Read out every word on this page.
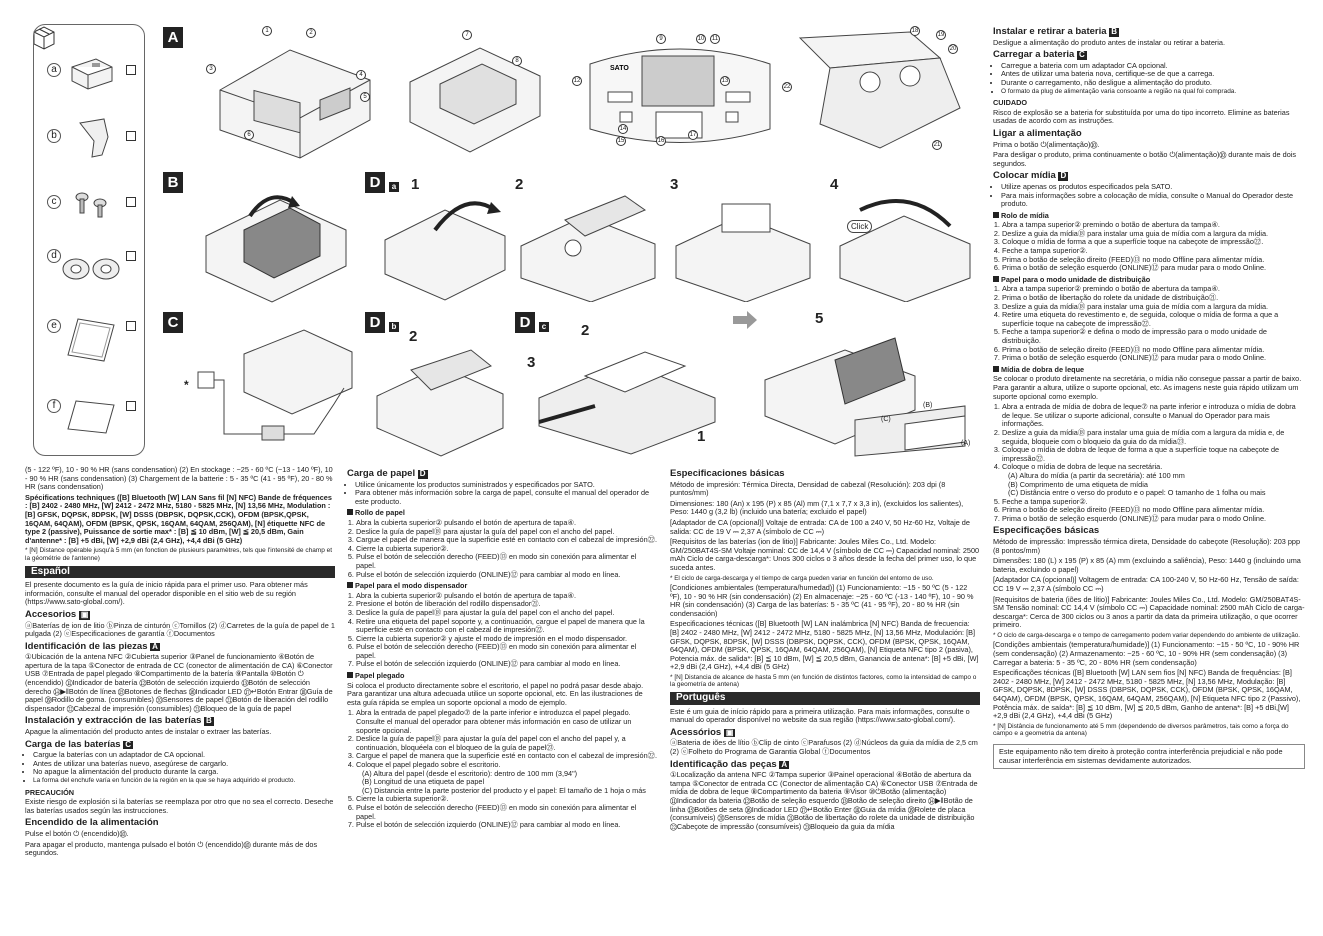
a
b
c
d
e
f
A
SATO
1	2
3
4
5
6
7
8
9	10	11
12	13
14
15	16
17
18
19
20
21
22
B
C
*
D	a 1	2	3	4
Click
D	b
2
D	c 2
3
1
5
(B)
(C)
(A)

(5 - 122 ºF), 10 - 90 % HR (sans condensation) (2) En stockage : −25 - 60 ºC (−13 - 140 ºF), 10 - 90 % HR (sans condensation) (3) Chargement de la batterie : 5 - 35 ºC (41 - 95 ºF), 20 - 80 % HR (sans condensation)

Spécifications techniques ([B] Bluetooth [W] LAN Sans fil [N] NFC) Bande de fréquences : [B] 2402 - 2480 MHz, [W] 2412 - 2472 MHz, 5180 - 5825 MHz, [N] 13,56 MHz, Modulation : [B] GFSK, DQPSK, 8DPSK, [W] DSSS (DBPSK, DQPSK,CCK), OFDM (BPSK,QPSK, 16QAM, 64QAM), OFDM (BPSK, QPSK, 16QAM, 64QAM, 256QAM), [N] étiquette NFC de type 2 (passive), Puissance de sortie max* : [B] ≦ 10 dBm, [W] ≦ 20,5 dBm, Gain d'antenne* : [B] +5 dBi, [W] +2,9 dBi (2,4 GHz), +4,4 dBi (5 GHz)

* [N] Distance opérable jusqu'à 5 mm (en fonction de plusieurs paramètres, tels que l'intensité de champ et la géométrie de l'antenne)

Español

El presente documento es la guía de inicio rápida para el primer uso. Para obtener más información, consulte el manual del operador disponible en el sitio web de su región (https://www.sato-global.com/).

Accesorios ▣

ⓐBaterías de ion de litio ⓑPinza de cinturón ⓒTornillos (2) ⓓCarretes de la guía de papel de 1 pulgada (2) ⓔEspecificaciones de garantía ⓕDocumentos

Identificación de las piezas A

①Ubicación de la antena NFC ②Cubierta superior ③Panel de funcionamiento ④Botón de apertura de la tapa ⑤Conector de entrada de CC (conector de alimentación de CA) ⑥Conector USB ⑦Entrada de papel plegado ⑧Compartimento de la batería ⑨Pantalla ⑩Botón ⏻ (encendido) ⑪Indicador de batería ⑫Botón de selección izquierdo ⑬Botón de selección derecho ⑭▶‖Botón de línea ⑮Botones de flechas ⑯Indicador LED ⑰↵Botón Entrar ⑱Guía de papel ⑲Rodillo de goma. (consumibles) ⑳Sensores de papel ㉑Botón de liberación del rodillo dispensador ㉒Cabezal de impresión (consumibles) ㉓Bloqueo de la guía de papel

Instalación y extracción de las baterías B

Apague la alimentación del producto antes de instalar o extraer las baterías.

Carga de las baterías C
• Cargue la baterías con un adaptador de CA opcional.
• Antes de utilizar una baterías nuevo, asegúrese de cargarlo.
• No apague la alimentación del producto durante la carga.
• La forma del enchufe varía en función de la región en la que se haya adquirido el producto.
PRECAUCIÓN

Existe riesgo de explosión si la baterías se reemplaza por otro que no sea el correcto. Deseche las baterías usados según las instrucciones.

Encendido de la alimentación

Pulse el botón ⏻ (encendido)⑩.

Para apagar el producto, mantenga pulsado el botón ⏻ (encendido)⑩ durante más de dos segundos.

Carga de papel D
• Utilice únicamente los productos suministrados y especificados por SATO.
• Para obtener más información sobre la carga de papel, consulte el manual del operador de este producto.
Rollo de papel
1. Abra la cubierta superior② pulsando el botón de apertura de tapa④.
2. Deslice la guía de papel⑱ para ajustar la guía del papel con el ancho del papel.
3. Cargue el papel de manera que la superficie esté en contacto con el cabezal de impresión㉒.
4. Cierre la cubierta superior②.
5. Pulse el botón de selección derecho (FEED)⑬ en modo sin conexión para alimentar el papel.
6. Pulse el botón de selección izquierdo (ONLINE)⑫ para cambiar al modo en línea.
Papel para el modo dispensador
1. Abra la cubierta superior② pulsando el botón de apertura de tapa④.
2. Presione el botón de liberación del rodillo dispensador㉑.
3. Deslice la guía de papel⑱ para ajustar la guía del papel con el ancho del papel.
4. Retire una etiqueta del papel soporte y, a continuación, cargue el papel de manera que la superficie esté en contacto con el cabezal de impresión㉒.
5. Cierre la cubierta superior② y ajuste el modo de impresión en el modo dispensador.
6. Pulse el botón de selección derecho (FEED)⑬ en modo sin conexión para alimentar el papel.
7. Pulse el botón de selección izquierdo (ONLINE)⑫ para cambiar al modo en línea.
Papel plegado

Si coloca el producto directamente sobre el escritorio, el papel no podrá pasar desde abajo. Para garantizar una altura adecuada utilice un soporte opcional, etc. En las ilustraciones de esta guía rápida se emplea un soporte opcional a modo de ejemplo.

1. Abra la entrada de papel plegado⑦ de la parte inferior e introduzca el papel plegado. Consulte el manual del operador para obtener más información en caso de utilizar un soporte opcional.
2. Deslice la guía de papel⑱ para ajustar la guía del papel con el ancho del papel y, a continuación, bloquéela con el bloqueo de la guía de papel㉓.
3. Cargue el papel de manera que la superficie esté en contacto con el cabezal de impresión㉒.
4. Coloque el papel plegado sobre el escritorio.
(A) Altura del papel (desde el escritorio): dentro de 100 mm (3,94")
(B) Longitud de una etiqueta de papel
(C) Distancia entre la parte posterior del producto y el papel: El tamaño de 1 hoja o más
5. Cierre la cubierta superior②.
6. Pulse el botón de selección derecho (FEED)⑬ en modo sin conexión para alimentar el papel.
7. Pulse el botón de selección izquierdo (ONLINE)⑫ para cambiar al modo en línea.
Especificaciones básicas

Método de impresión: Térmica Directa, Densidad de cabezal (Resolución): 203 dpi (8 puntos/mm)

Dimensiones: 180 (An) x 195 (P) x 85 (Al) mm (7,1 x 7,7 x 3,3 in), (excluidos los salientes), Peso: 1440 g (3,2 lb) (incluido una batería; excluido el papel)

[Adaptador de CA (opcional)] Voltaje de entrada: CA de 100 a 240 V, 50 Hz-60 Hz, Voltaje de salida: CC de 19 V ⎓ 2,37 A (símbolo de CC ⎓)

[Requisitos de las baterías (ion de litio)] Fabricante: Joules Miles Co., Ltd. Modelo: GM/250BAT4S-SM Voltaje nominal: CC de 14,4 V (símbolo de CC ⎓) Capacidad nominal: 2500 mAh Ciclo de carga-descarga*: Unos 300 ciclos o 3 años desde la fecha del primer uso, lo que suceda antes.

* El ciclo de carga-descarga y el tiempo de carga pueden variar en función del entorno de uso.

[Condiciones ambientales (temperatura/humedad)] (1) Funcionamiento: −15 - 50 ºC (5 - 122 ºF), 10 - 90 % HR (sin condensación) (2) En almacenaje: −25 - 60 ºC (-13 - 140 ºF), 10 - 90 % HR (sin condensación) (3) Carga de las baterías: 5 - 35 ºC (41 - 95 ºF), 20 - 80 % HR (sin condensación)

Especificaciones técnicas ([B] Bluetooth [W] LAN inalámbrica [N] NFC) Banda de frecuencia: [B] 2402 - 2480 MHz, [W] 2412 - 2472 MHz, 5180 - 5825 MHz, [N] 13,56 MHz, Modulación: [B] GFSK, DQPSK, 8DPSK, [W] DSSS (DBPSK, DQPSK, CCK), OFDM (BPSK, QPSK, 16QAM, 64QAM), OFDM (BPSK, QPSK, 16QAM, 64QAM, 256QAM), [N] Etiqueta NFC tipo 2 (pasiva), Potencia máx. de salida*: [B] ≦ 10 dBm, [W] ≦ 20,5 dBm, Ganancia de antena*: [B] +5 dBi, [W] +2,9 dBi (2,4 GHz), +4,4 dBi (5 GHz)

* [N] Distancia de alcance de hasta 5 mm (en función de distintos factores, como la intensidad de campo o la geometría de antena)

Português

Este é um guia de início rápido para a primeira utilização. Para mais informações, consulte o manual do operador disponível no website da sua região (https://www.sato-global.com/).

Acessórios ▣

ⓐBateria de iões de lítio ⓑClip de cinto ⓒParafusos (2) ⓓNúcleos da guia da mídia de 2,5 cm (2) ⓔFolheto do Programa de Garantia Global ⓕDocumentos

Identificação das peças A

①Localização da antena NFC ②Tampa superior ③Painel operacional ④Botão de abertura da tampa ⑤Conector de entrada CC (Conector de alimentação CA) ⑥Conector USB ⑦Entrada de mídia de dobra de leque ⑧Compartimento da bateria ⑨Visor ⑩⏻Botão (alimentação) ⑪Indicador da bateria ⑫Botão de seleção esquerdo ⑬Botão de seleção direito ⑭▶‖Botão de linha ⑮Botões de seta ⑯Indicador LED ⑰↵Botão Enter ⑱Guia da mídia ⑲Rolete de placa (consumíveis) ⑳Sensores de mídia ㉑Botão de libertação do rolete da unidade de distribuição ㉒Cabeçote de impressão (consumíveis) ㉓Bloqueio da guia da mídia

Instalar e retirar a bateria B

Desligue a alimentação do produto antes de instalar ou retirar a bateria.

Carregar a bateria C
• Carregue a bateria com um adaptador CA opcional.
• Antes de utilizar uma bateria nova, certifique-se de que a carrega.
• Durante o carregamento, não desligue a alimentação do produto.
• O formato da plug de alimentação varia consoante a região na qual foi comprada.
CUIDADO

Risco de explosão se a bateria for substituída por uma do tipo incorreto. Elimine as baterias usadas de acordo com as instruções.

Ligar a alimentação

Prima o botão ⏻(alimentação)⑩.

Para desligar o produto, prima continuamente o botão ⏻(alimentação)⑩ durante mais de dois segundos.

Colocar mídia D
• Utilize apenas os produtos especificados pela SATO.
• Para mais informações sobre a colocação de mídia, consulte o Manual do Operador deste produto.
Rolo de mídia
1. Abra a tampa superior② premindo o botão de abertura da tampa④.
2. Deslize a guia da mídia⑱ para instalar uma guia de mídia com a largura da mídia.
3. Coloque o mídia de forma a que a superfície toque na cabeçote de impressão㉒.
4. Feche a tampa superior②.
5. Prima o botão de seleção direito (FEED)⑬ no modo Offline para alimentar mídia.
6. Prima o botão de seleção esquerdo (ONLINE)⑫ para mudar para o modo Online.
Papel para o modo unidade de distribuição
1. Abra a tampa superior② premindo o botão de abertura da tampa④.
2. Prima o botão de libertação do rolete da unidade de distribuição㉑.
3. Deslize a guia da mídia⑱ para instalar uma guia de mídia com a largura da mídia.
4. Retire uma etiqueta do revestimento e, de seguida, coloque o mídia de forma a que a superfície toque na cabeçote de impressão㉒.
5. Feche a tampa superior② e defina o modo de impressão para o modo unidade de distribuição.
6. Prima o botão de seleção direito (FEED)⑬ no modo Offline para alimentar mídia.
7. Prima o botão de seleção esquerdo (ONLINE)⑫ para mudar para o modo Online.
Mídia de dobra de leque

Se colocar o produto diretamente na secretária, o mídia não consegue passar a partir de baixo. Para garantir a altura, utilize o suporte opcional, etc. As imagens neste guia rápido utilizam um suporte opcional como exemplo.

1. Abra a entrada de mídia de dobra de leque⑦ na parte inferior e introduza o mídia de dobra de leque. Se utilizar o suporte adicional, consulte o Manual do Operador para mais informações.
2. Deslize a guia da mídia⑱ para instalar uma guia de mídia com a largura da mídia e, de seguida, bloqueie com o bloqueio da guia do da mídia㉓.
3. Coloque o mídia de dobra de leque de forma a que a superfície toque na cabeçote de impressão㉒.
4. Coloque o mídia de dobra de leque na secretária.
(A) Altura do mídia (a partir da secretária): até 100 mm
(B) Comprimento de uma etiqueta de mídia
(C) Distância entre o verso do produto e o papel: O tamanho de 1 folha ou mais
5. Feche a tampa superior②.
6. Prima o botão de seleção direito (FEED)⑬ no modo Offline para alimentar mídia.
7. Prima o botão de seleção esquerdo (ONLINE)⑫ para mudar para o modo Online.
Especificações básicas

Método de impressão: Impressão térmica direta, Densidade do cabeçote (Resolução): 203 ppp (8 pontos/mm)

Dimensões: 180 (L) x 195 (P) x 85 (A) mm (excluindo a saliência), Peso: 1440 g (incluindo uma bateria, excluindo o papel)

[Adaptador CA (opcional)] Voltagem de entrada: CA 100-240 V, 50 Hz-60 Hz, Tensão de saída: CC 19 V ⎓ 2,37 A (símbolo CC ⎓)

[Requisitos de bateria (iões de lítio)] Fabricante: Joules Miles Co., Ltd. Modelo: GM/250BAT4S-SM Tensão nominal: CC 14,4 V (símbolo CC ⎓) Capacidade nominal: 2500 mAh Ciclo de carga-descarga*: Cerca de 300 ciclos ou 3 anos a partir da data da primeira utilização, o que ocorrer primeiro.

* O ciclo de carga-descarga e o tempo de carregamento podem variar dependendo do ambiente de utilização.

[Condições ambientais (temperatura/humidade)] (1) Funcionamento: −15 - 50 ºC, 10 - 90% HR (sem condensação) (2) Armazenamento: −25 - 60 ºC, 10 - 90% HR (sem condensação) (3) Carregar a bateria: 5 - 35 ºC, 20 - 80% HR (sem condensação)

Especificações técnicas ([B] Bluetooth [W] LAN sem fios [N] NFC) Banda de frequências: [B] 2402 - 2480 MHz, [W] 2412 - 2472 MHz, 5180 - 5825 MHz, [N] 13,56 MHz, Modulação: [B] GFSK, DQPSK, 8DPSK, [W] DSSS (DBPSK, DQPSK, CCK), OFDM (BPSK, QPSK, 16QAM, 64QAM), OFDM (BPSK, QPSK, 16QAM, 64QAM, 256QAM), [N] Etiqueta NFC tipo 2 (Passivo), Potência máx. de saída*: [B] ≦ 10 dBm, [W] ≦ 20,5 dBm, Ganho de antena*: [B] +5 dBi,[W] +2,9 dBi (2,4 GHz), +4,4 dBi (5 GHz)

* [N] Distância de funcionamento até 5 mm (dependendo de diversos parâmetros, tais como a força do campo e a geometria da antena)

Este equipamento não tem direito à proteção contra interferência prejudicial e não pode causar interferência em sistemas devidamente autorizados.
